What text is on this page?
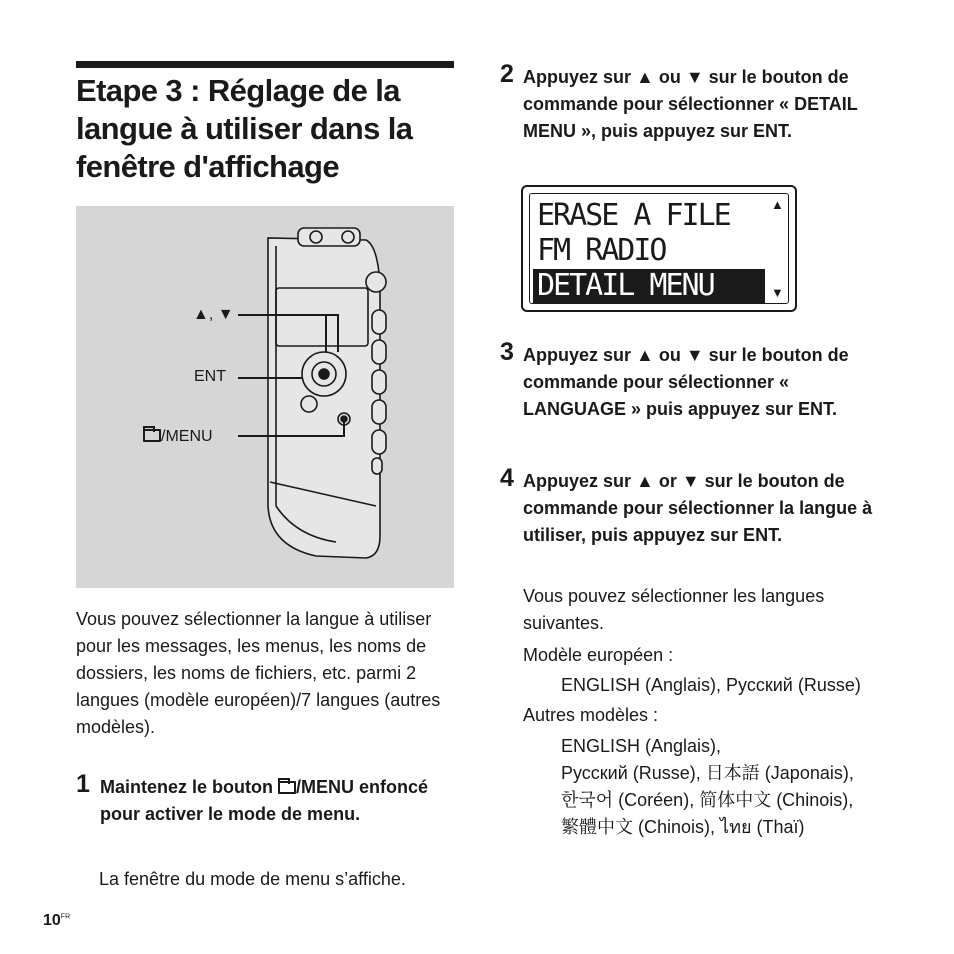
Etape 3 : Réglage de la langue à utiliser dans la fenêtre d'affichage
▲, ▼
ENT
/MENU

Vous pouvez sélectionner la langue à utiliser pour les messages, les menus, les noms de dossiers, les noms de fichiers, etc. parmi 2 langues (modèle européen)/7 langues (autres modèles).

1 Maintenez le bouton /MENU enfoncé pour activer le mode de menu.

La fenêtre du mode de menu s’affiche.

2 Appuyez sur ▲ ou ▼ sur le bouton de commande pour sélectionner « DETAIL MENU », puis appuyez sur ENT.

ERASE A FILE
FM RADIO
DETAIL MENU
▲
▼
3 Appuyez sur ▲ ou ▼ sur le bouton de commande pour sélectionner « LANGUAGE » puis appuyez sur ENT.

4 Appuyez sur ▲ or ▼ sur le bouton de commande pour sélectionner la langue à utiliser, puis appuyez sur ENT.

Vous pouvez sélectionner les langues suivantes.

Modèle européen :

ENGLISH (Anglais), Русский (Russe)

Autres modèles :

ENGLISH (Anglais),

Русский (Russe), 日本語 (Japonais),

한국어 (Coréen), 简体中文 (Chinois),

繁體中文 (Chinois), ไทย (Thaï)

$10^{FR}$
